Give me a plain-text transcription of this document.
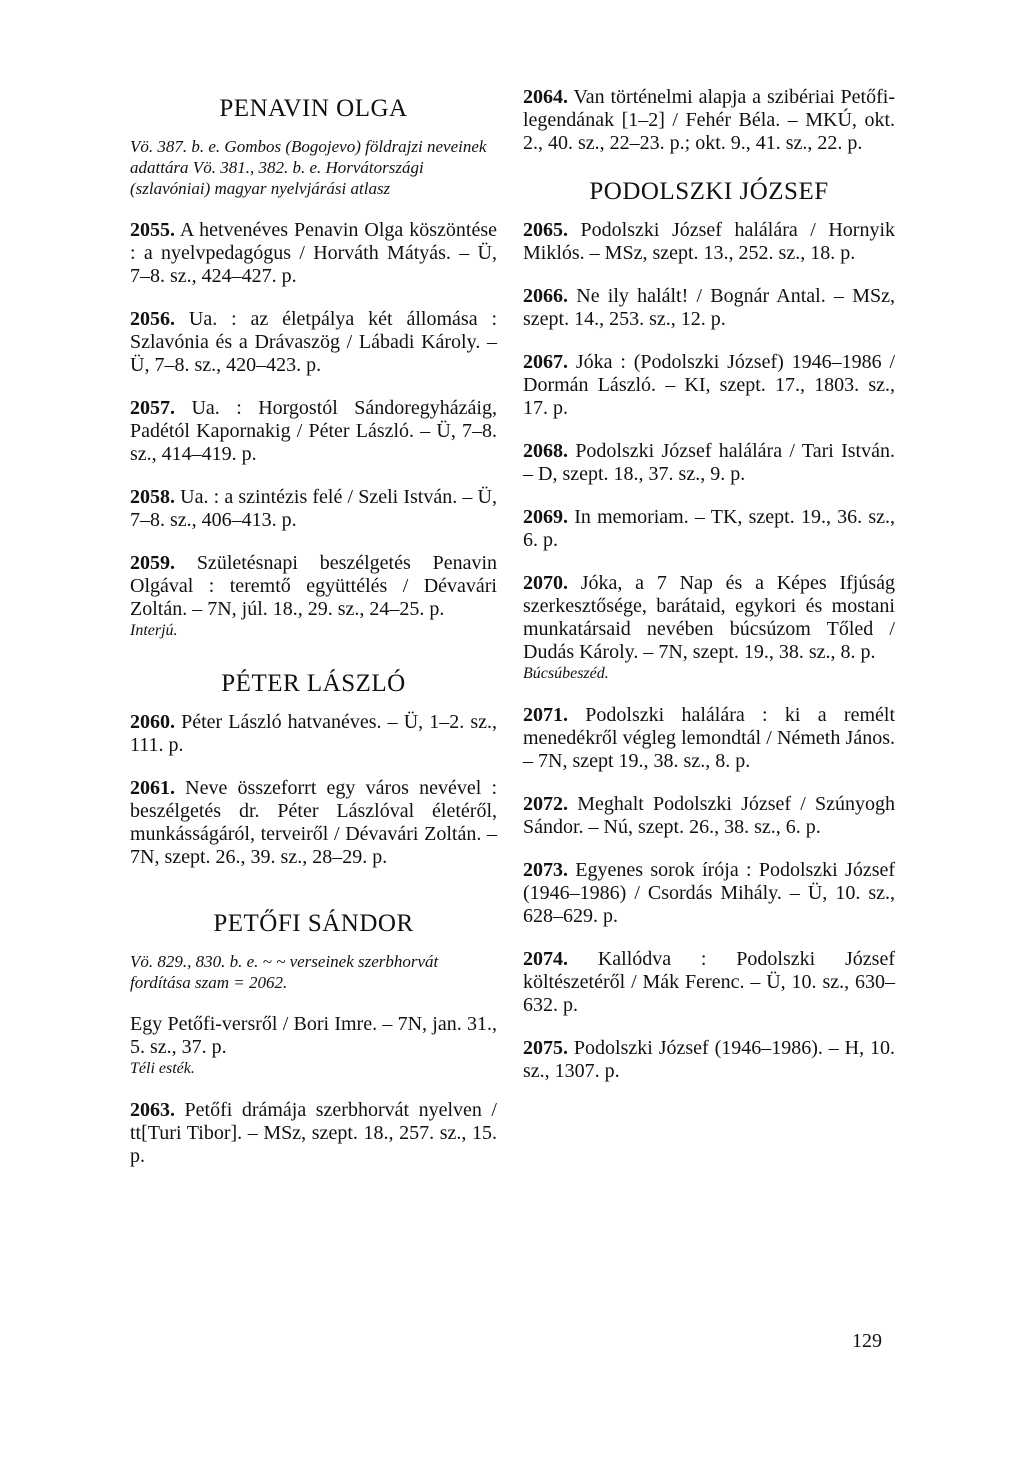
PENAVIN OLGA
Vö. 387. b. e. Gombos (Bogojevo) földrajzi neveinek adattára Vö. 381., 382. b. e. Horvátországi (szlavóniai) magyar nyelvjárási atlasz
2055. A hetvenéves Penavin Olga köszöntése : a nyelvpedagógus / Horváth Mátyás. – Ü, 7–8. sz., 424–427. p.
2056. Ua. : az életpálya két állomása : Szlavónia és a Drávaszög / Lábadi Károly. – Ü, 7–8. sz., 420–423. p.
2057. Ua. : Horgostól Sándoregyházáig, Padétól Kapornakig / Péter László. – Ü, 7–8. sz., 414–419. p.
2058. Ua. : a szintézis felé / Szeli István. – Ü, 7–8. sz., 406–413. p.
2059. Születésnapi beszélgetés Penavin Olgával : teremtő együttélés / Dévavári Zoltán. – 7N, júl. 18., 29. sz., 24–25. p.
Interjú.
PÉTER LÁSZLÓ
2060. Péter László hatvanéves. – Ü, 1–2. sz., 111. p.
2061. Neve összeforrt egy város nevével : beszélgetés dr. Péter Lászlóval életéről, munkásságáról, terveiről / Dévavári Zoltán. – 7N, szept. 26., 39. sz., 28–29. p.
PETŐFI SÁNDOR
Vö. 829., 830. b. e. ~ ~ verseinek szerbhorvát fordítása szam = 2062.
Egy Petőfi-versről / Bori Imre. – 7N, jan. 31., 5. sz., 37. p.
Téli esték.
2063. Petőfi drámája szerbhorvát nyelven / tt[Turi Tibor]. – MSz, szept. 18., 257. sz., 15. p.
2064. Van történelmi alapja a szibériai Petőfi-legendának [1–2] / Fehér Béla. – MKÚ, okt. 2., 40. sz., 22–23. p.; okt. 9., 41. sz., 22. p.
PODOLSZKI JÓZSEF
2065. Podolszki József halálára / Hornyik Miklós. – MSz, szept. 13., 252. sz., 18. p.
2066. Ne ily halált! / Bognár Antal. – MSz, szept. 14., 253. sz., 12. p.
2067. Jóka : (Podolszki József) 1946–1986 / Dormán László. – KI, szept. 17., 1803. sz., 17. p.
2068. Podolszki József halálára / Tari István. – D, szept. 18., 37. sz., 9. p.
2069. In memoriam. – TK, szept. 19., 36. sz., 6. p.
2070. Jóka, a 7 Nap és a Képes Ifjúság szerkesztősége, barátaid, egykori és mostani munkatársaid nevében búcsúzom Tőled / Dudás Károly. – 7N, szept. 19., 38. sz., 8. p.
Búcsúbeszéd.
2071. Podolszki halálára : ki a remélt menedékről végleg lemondtál / Németh János. – 7N, szept 19., 38. sz., 8. p.
2072. Meghalt Podolszki József / Szúnyogh Sándor. – Nú, szept. 26., 38. sz., 6. p.
2073. Egyenes sorok írója : Podolszki József (1946–1986) / Csordás Mihály. – Ü, 10. sz., 628–629. p.
2074. Kallódva : Podolszki József költészetéről / Mák Ferenc. – Ü, 10. sz., 630–632. p.
2075. Podolszki József (1946–1986). – H, 10. sz., 1307. p.
129
